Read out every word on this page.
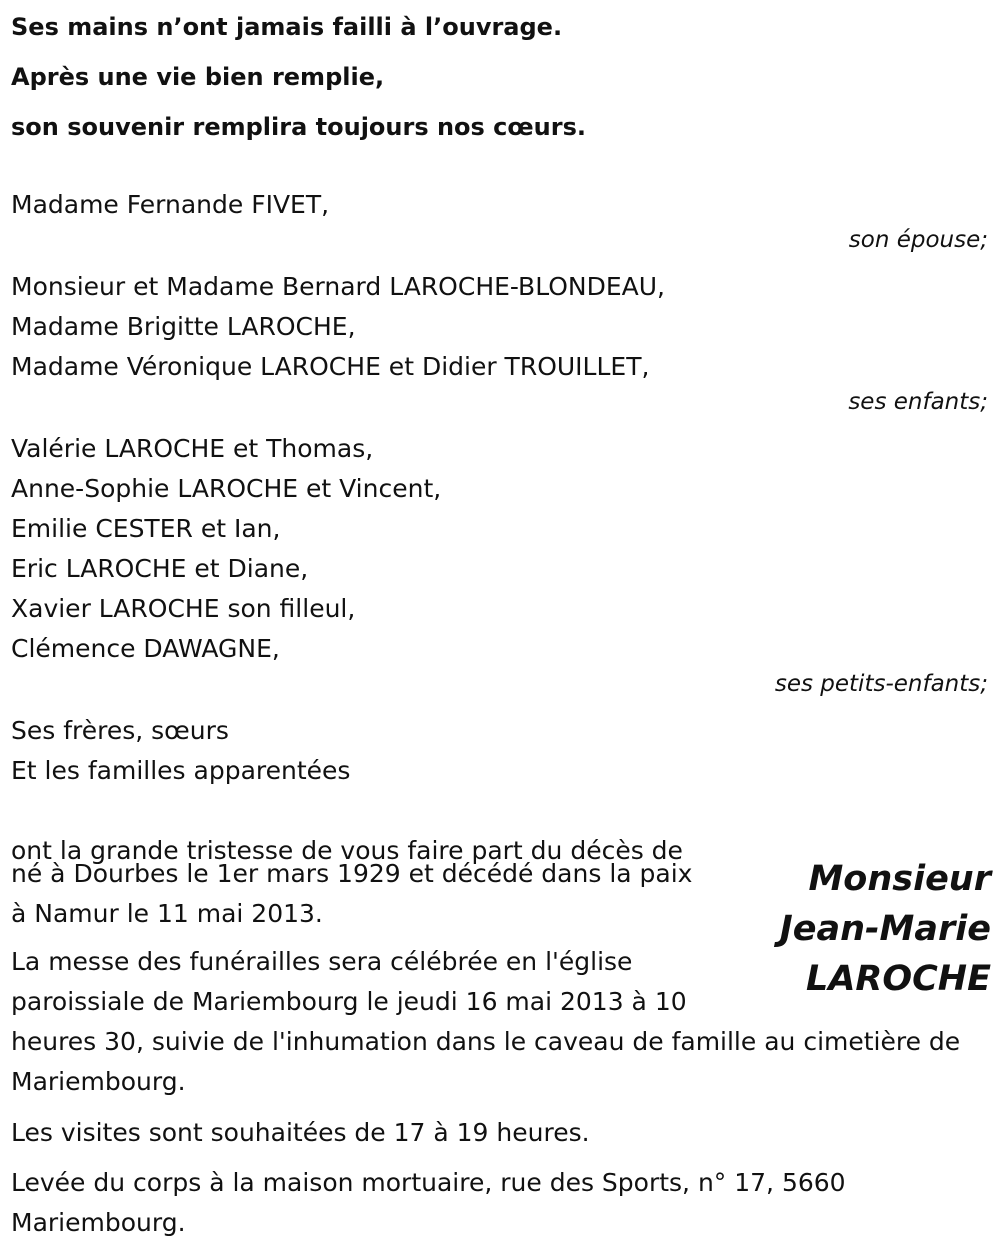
Ses mains n’ont jamais failli à l’ouvrage.
Après une vie bien remplie,
son souvenir remplira toujours nos cœurs.
Madame Fernande FIVET,
son épouse;
Monsieur et Madame Bernard LAROCHE-BLONDEAU,
Madame Brigitte LAROCHE,
Madame Véronique LAROCHE et Didier TROUILLET,
ses enfants;
Valérie LAROCHE et Thomas,
Anne-Sophie LAROCHE et Vincent,
Emilie CESTER et Ian,
Eric LAROCHE et Diane,
Xavier LAROCHE son filleul,
Clémence DAWAGNE,
ses petits-enfants;
Ses frères, sœurs
Et les familles apparentées
ont la grande tristesse de vous faire part du décès de
Monsieur
Jean-Marie
LAROCHE
né à Dourbes le 1er mars 1929 et décédé dans la paix
à Namur le 11 mai 2013.
La messe des funérailles sera célébrée en l'église
paroissiale de Mariembourg le jeudi 16 mai 2013 à 10
heures 30, suivie de l'inhumation dans le caveau de famille au cimetière de Mariembourg.
Les visites sont souhaitées de 17 à 19 heures.
Levée du corps à la maison mortuaire, rue des Sports, n° 17, 5660 Mariembourg.
